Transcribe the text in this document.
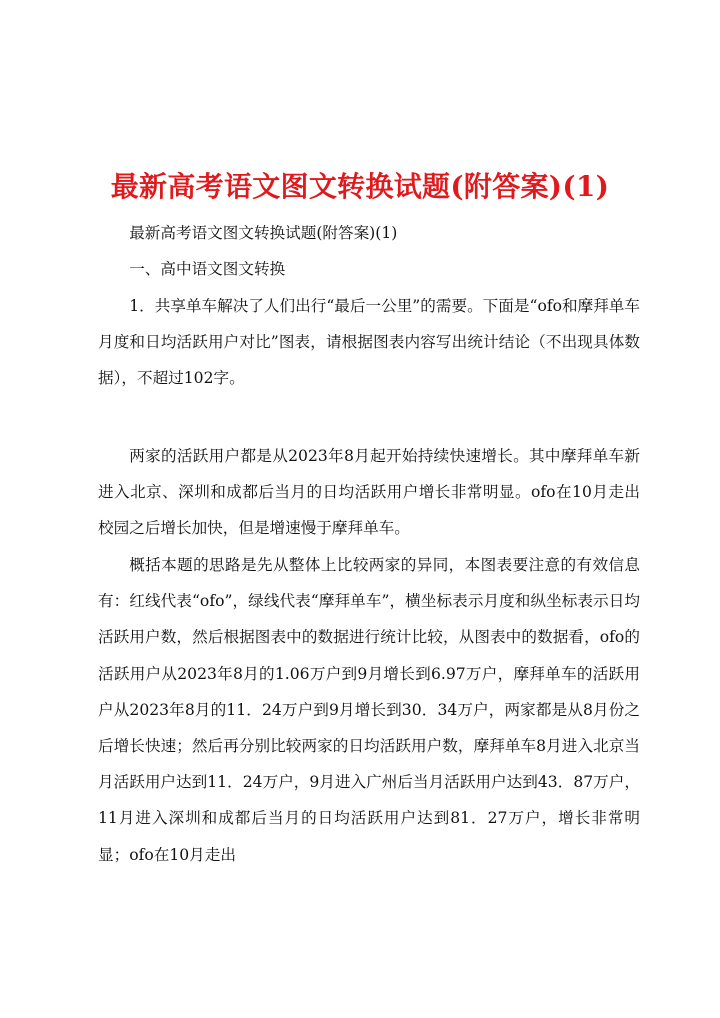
最新高考语文图文转换试题(附答案)(1)

最新高考语文图文转换试题(附答案)(1)

一、高中语文图文转换

1．共享单车解决了人们出行“最后一公里”的需要。下面是“ofo和摩拜单车月度和日均活跃用户对比”图表，请根据图表内容写出统计结论（不出现具体数据），不超过102字。

两家的活跃用户都是从2023年8月起开始持续快速增长。其中摩拜单车新进入北京、深圳和成都后当月的日均活跃用户增长非常明显。ofo在10月走出校园之后增长加快，但是增速慢于摩拜单车。

概括本题的思路是先从整体上比较两家的异同，本图表要注意的有效信息有：红线代表“ofo”，绿线代表“摩拜单车”，横坐标表示月度和纵坐标表示日均活跃用户数，然后根据图表中的数据进行统计比较，从图表中的数据看，ofo的活跃用户从2023年8月的1.06万户到9月增长到6.97万户，摩拜单车的活跃用户从2023年8月的11．24万户到9月增长到30．34万户，两家都是从8月份之后增长快速；然后再分别比较两家的日均活跃用户数，摩拜单车8月进入北京当月活跃用户达到11．24万户，9月进入广州后当月活跃用户达到43．87万户，11月进入深圳和成都后当月的日均活跃用户达到81．27万户，增长非常明显；ofo在10月走出
